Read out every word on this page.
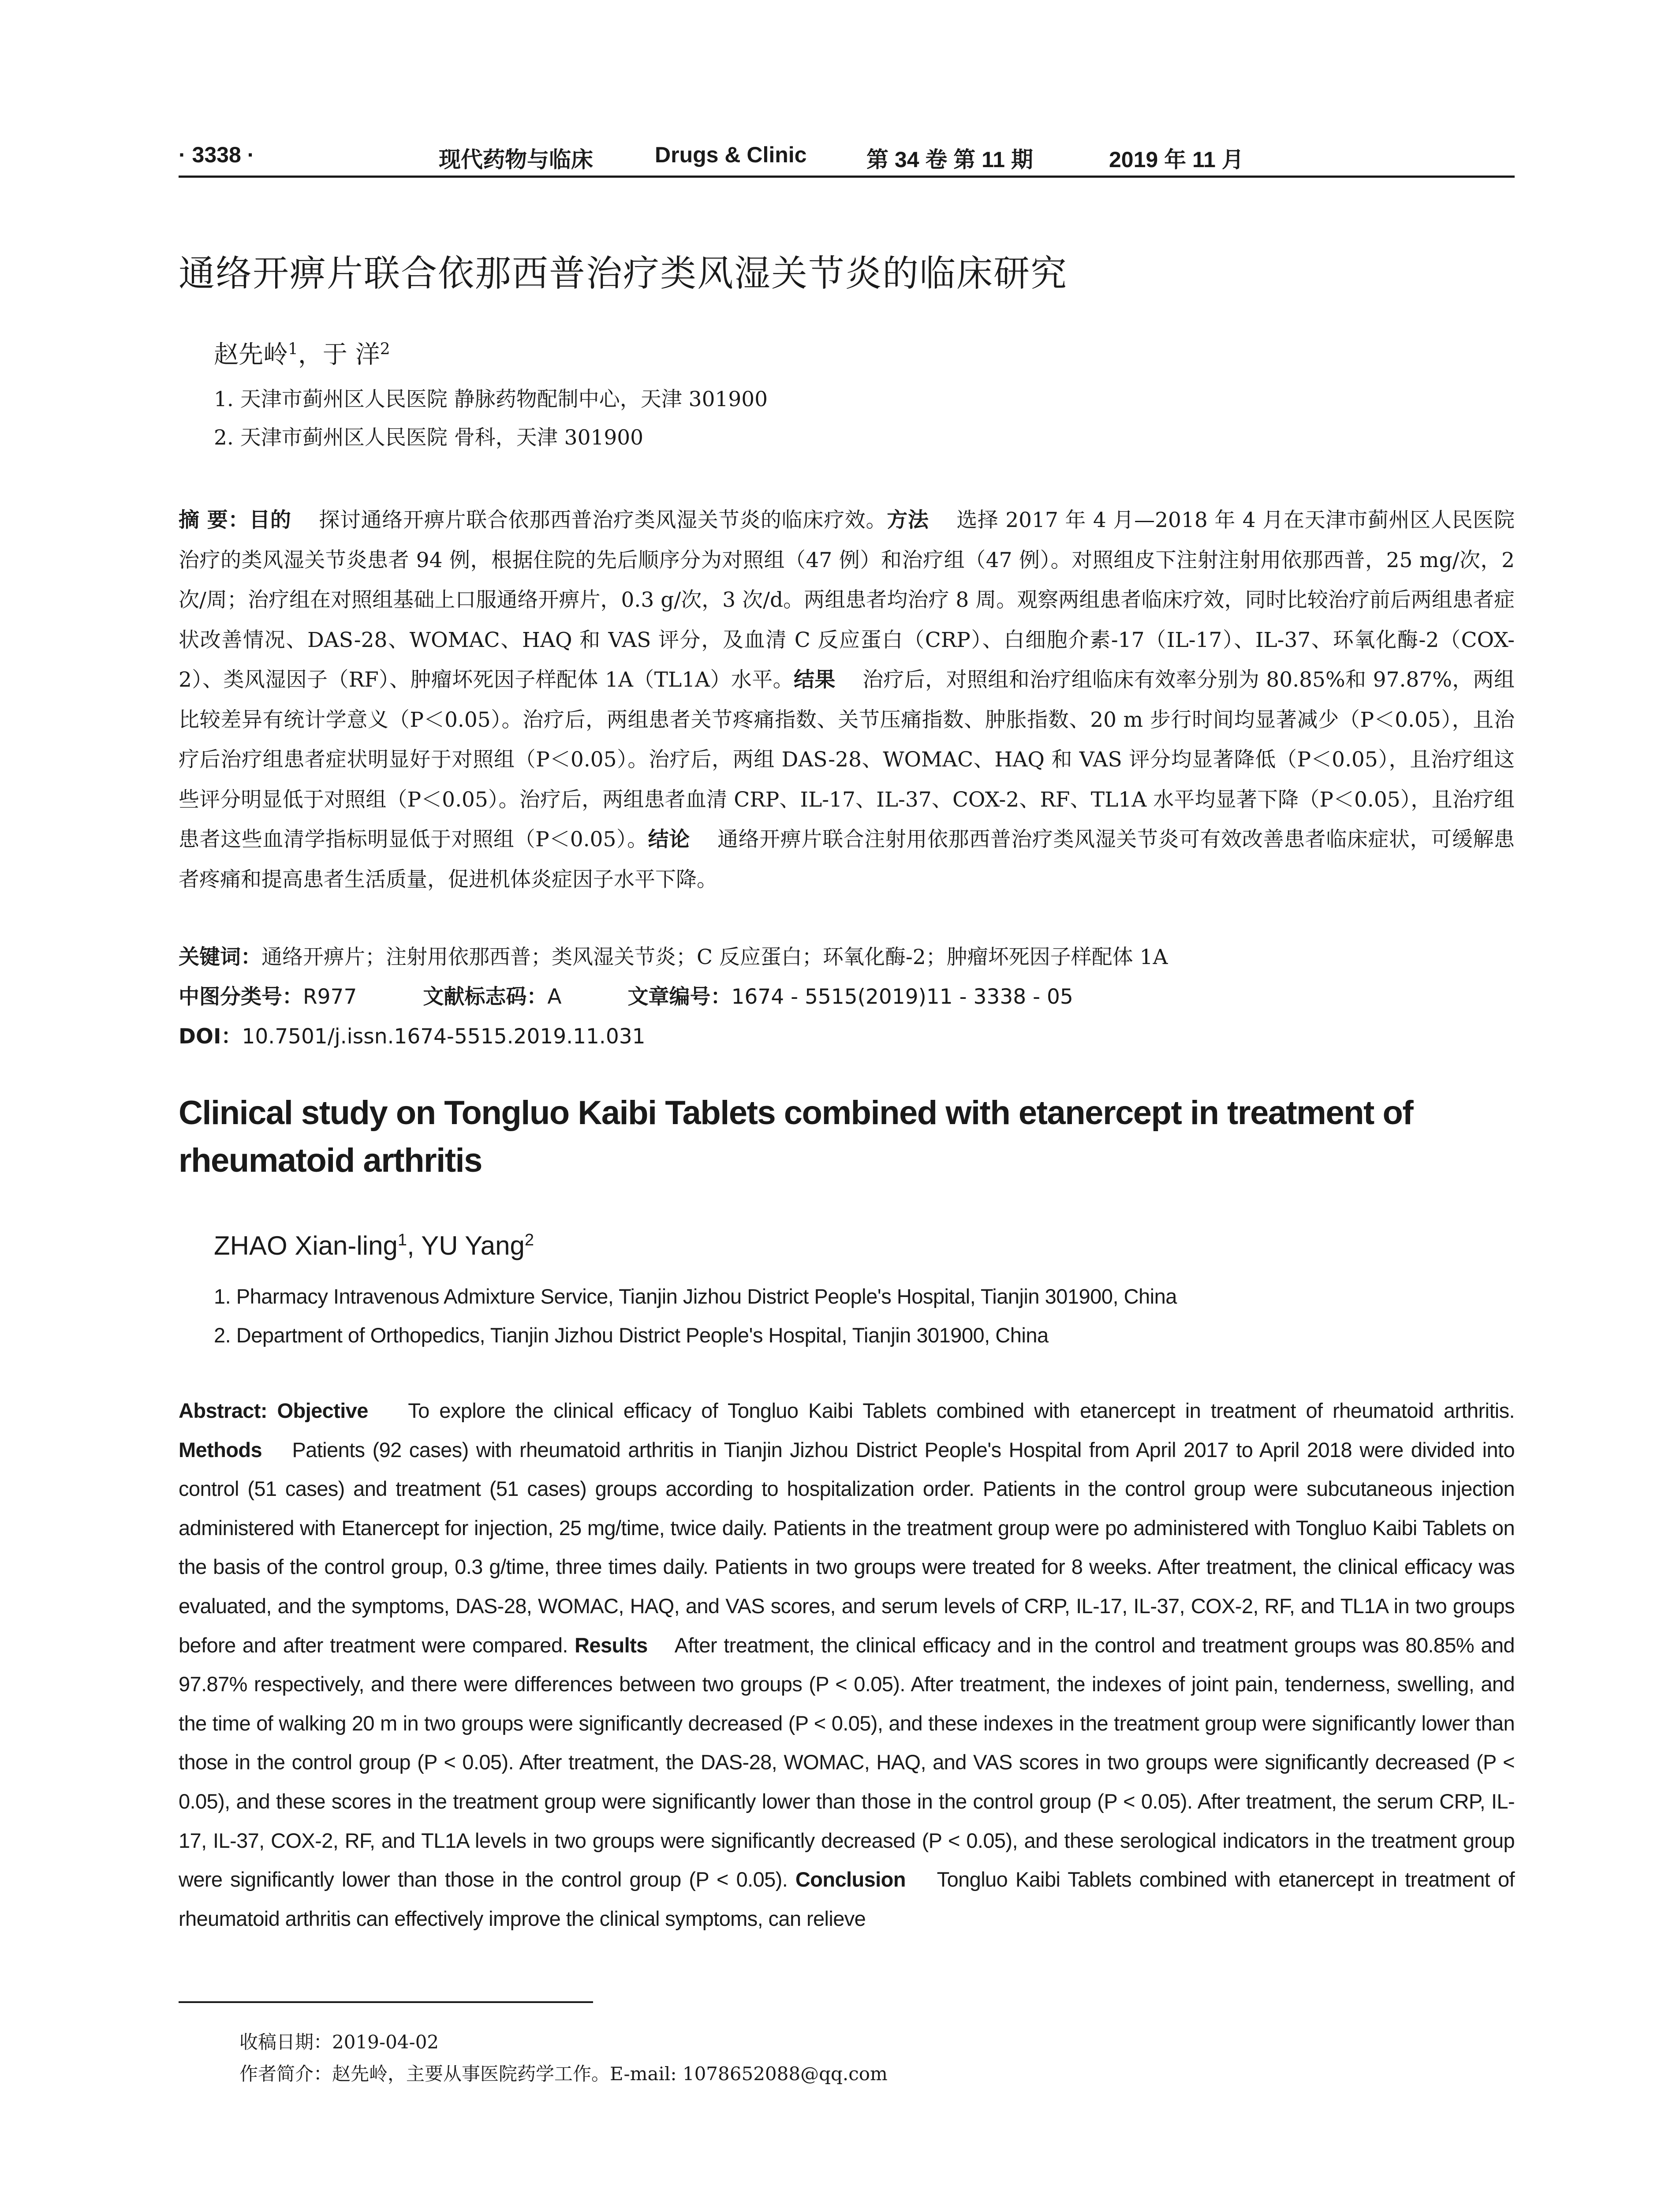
· 3338 ·	现代药物与临床	Drugs & Clinic	第 34 卷 第 11 期	2019 年 11 月
通络开痹片联合依那西普治疗类风湿关节炎的临床研究
赵先岭$^1$，于 洋$^2$
1. 天津市蓟州区人民医院 静脉药物配制中心，天津 301900
2. 天津市蓟州区人民医院 骨科，天津 301900
摘 要：目的 探讨通络开痹片联合依那西普治疗类风湿关节炎的临床疗效。方法 选择 2017 年 4 月—2018 年 4 月在天津市蓟州区人民医院治疗的类风湿关节炎患者 94 例，根据住院的先后顺序分为对照组（47 例）和治疗组（47 例）。对照组皮下注射注射用依那西普，25 mg/次，2 次/周；治疗组在对照组基础上口服通络开痹片，0.3 g/次，3 次/d。两组患者均治疗 8 周。观察两组患者临床疗效，同时比较治疗前后两组患者症状改善情况、DAS-28、WOMAC、HAQ 和 VAS 评分，及血清 C 反应蛋白（CRP）、白细胞介素-17（IL-17）、IL-37、环氧化酶-2（COX-2）、类风湿因子（RF）、肿瘤坏死因子样配体 1A（TL1A）水平。结果 治疗后，对照组和治疗组临床有效率分别为 80.85%和 97.87%，两组比较差异有统计学意义（P＜0.05）。治疗后，两组患者关节疼痛指数、关节压痛指数、肿胀指数、20 m 步行时间均显著减少（P＜0.05），且治疗后治疗组患者症状明显好于对照组（P＜0.05）。治疗后，两组 DAS-28、WOMAC、HAQ 和 VAS 评分均显著降低（P＜0.05），且治疗组这些评分明显低于对照组（P＜0.05）。治疗后，两组患者血清 CRP、IL-17、IL-37、COX-2、RF、TL1A 水平均显著下降（P＜0.05），且治疗组患者这些血清学指标明显低于对照组（P＜0.05）。结论 通络开痹片联合注射用依那西普治疗类风湿关节炎可有效改善患者临床症状，可缓解患者疼痛和提高患者生活质量，促进机体炎症因子水平下降。
关键词：通络开痹片；注射用依那西普；类风湿关节炎；C 反应蛋白；环氧化酶-2；肿瘤坏死因子样配体 1A
中图分类号：R977	文献标志码：A	文章编号：1674 - 5515(2019)11 - 3338 - 05
DOI：10.7501/j.issn.1674-5515.2019.11.031
Clinical study on Tongluo Kaibi Tablets combined with etanercept in treatment of rheumatoid arthritis
ZHAO Xian-ling$^1$, YU Yang$^2$
1. Pharmacy Intravenous Admixture Service, Tianjin Jizhou District People's Hospital, Tianjin 301900, China
2. Department of Orthopedics, Tianjin Jizhou District People's Hospital, Tianjin 301900, China
Abstract: Objective To explore the clinical efficacy of Tongluo Kaibi Tablets combined with etanercept in treatment of rheumatoid arthritis. Methods Patients (92 cases) with rheumatoid arthritis in Tianjin Jizhou District People's Hospital from April 2017 to April 2018 were divided into control (51 cases) and treatment (51 cases) groups according to hospitalization order. Patients in the control group were subcutaneous injection administered with Etanercept for injection, 25 mg/time, twice daily. Patients in the treatment group were po administered with Tongluo Kaibi Tablets on the basis of the control group, 0.3 g/time, three times daily. Patients in two groups were treated for 8 weeks. After treatment, the clinical efficacy was evaluated, and the symptoms, DAS-28, WOMAC, HAQ, and VAS scores, and serum levels of CRP, IL-17, IL-37, COX-2, RF, and TL1A in two groups before and after treatment were compared. Results After treatment, the clinical efficacy and in the control and treatment groups was 80.85% and 97.87% respectively, and there were differences between two groups (P < 0.05). After treatment, the indexes of joint pain, tenderness, swelling, and the time of walking 20 m in two groups were significantly decreased (P < 0.05), and these indexes in the treatment group were significantly lower than those in the control group (P < 0.05). After treatment, the DAS-28, WOMAC, HAQ, and VAS scores in two groups were significantly decreased (P < 0.05), and these scores in the treatment group were significantly lower than those in the control group (P < 0.05). After treatment, the serum CRP, IL-17, IL-37, COX-2, RF, and TL1A levels in two groups were significantly decreased (P < 0.05), and these serological indicators in the treatment group were significantly lower than those in the control group (P < 0.05). Conclusion Tongluo Kaibi Tablets combined with etanercept in treatment of rheumatoid arthritis can effectively improve the clinical symptoms, can relieve
收稿日期：2019-04-02
作者简介：赵先岭，主要从事医院药学工作。E-mail: 1078652088@qq.com
